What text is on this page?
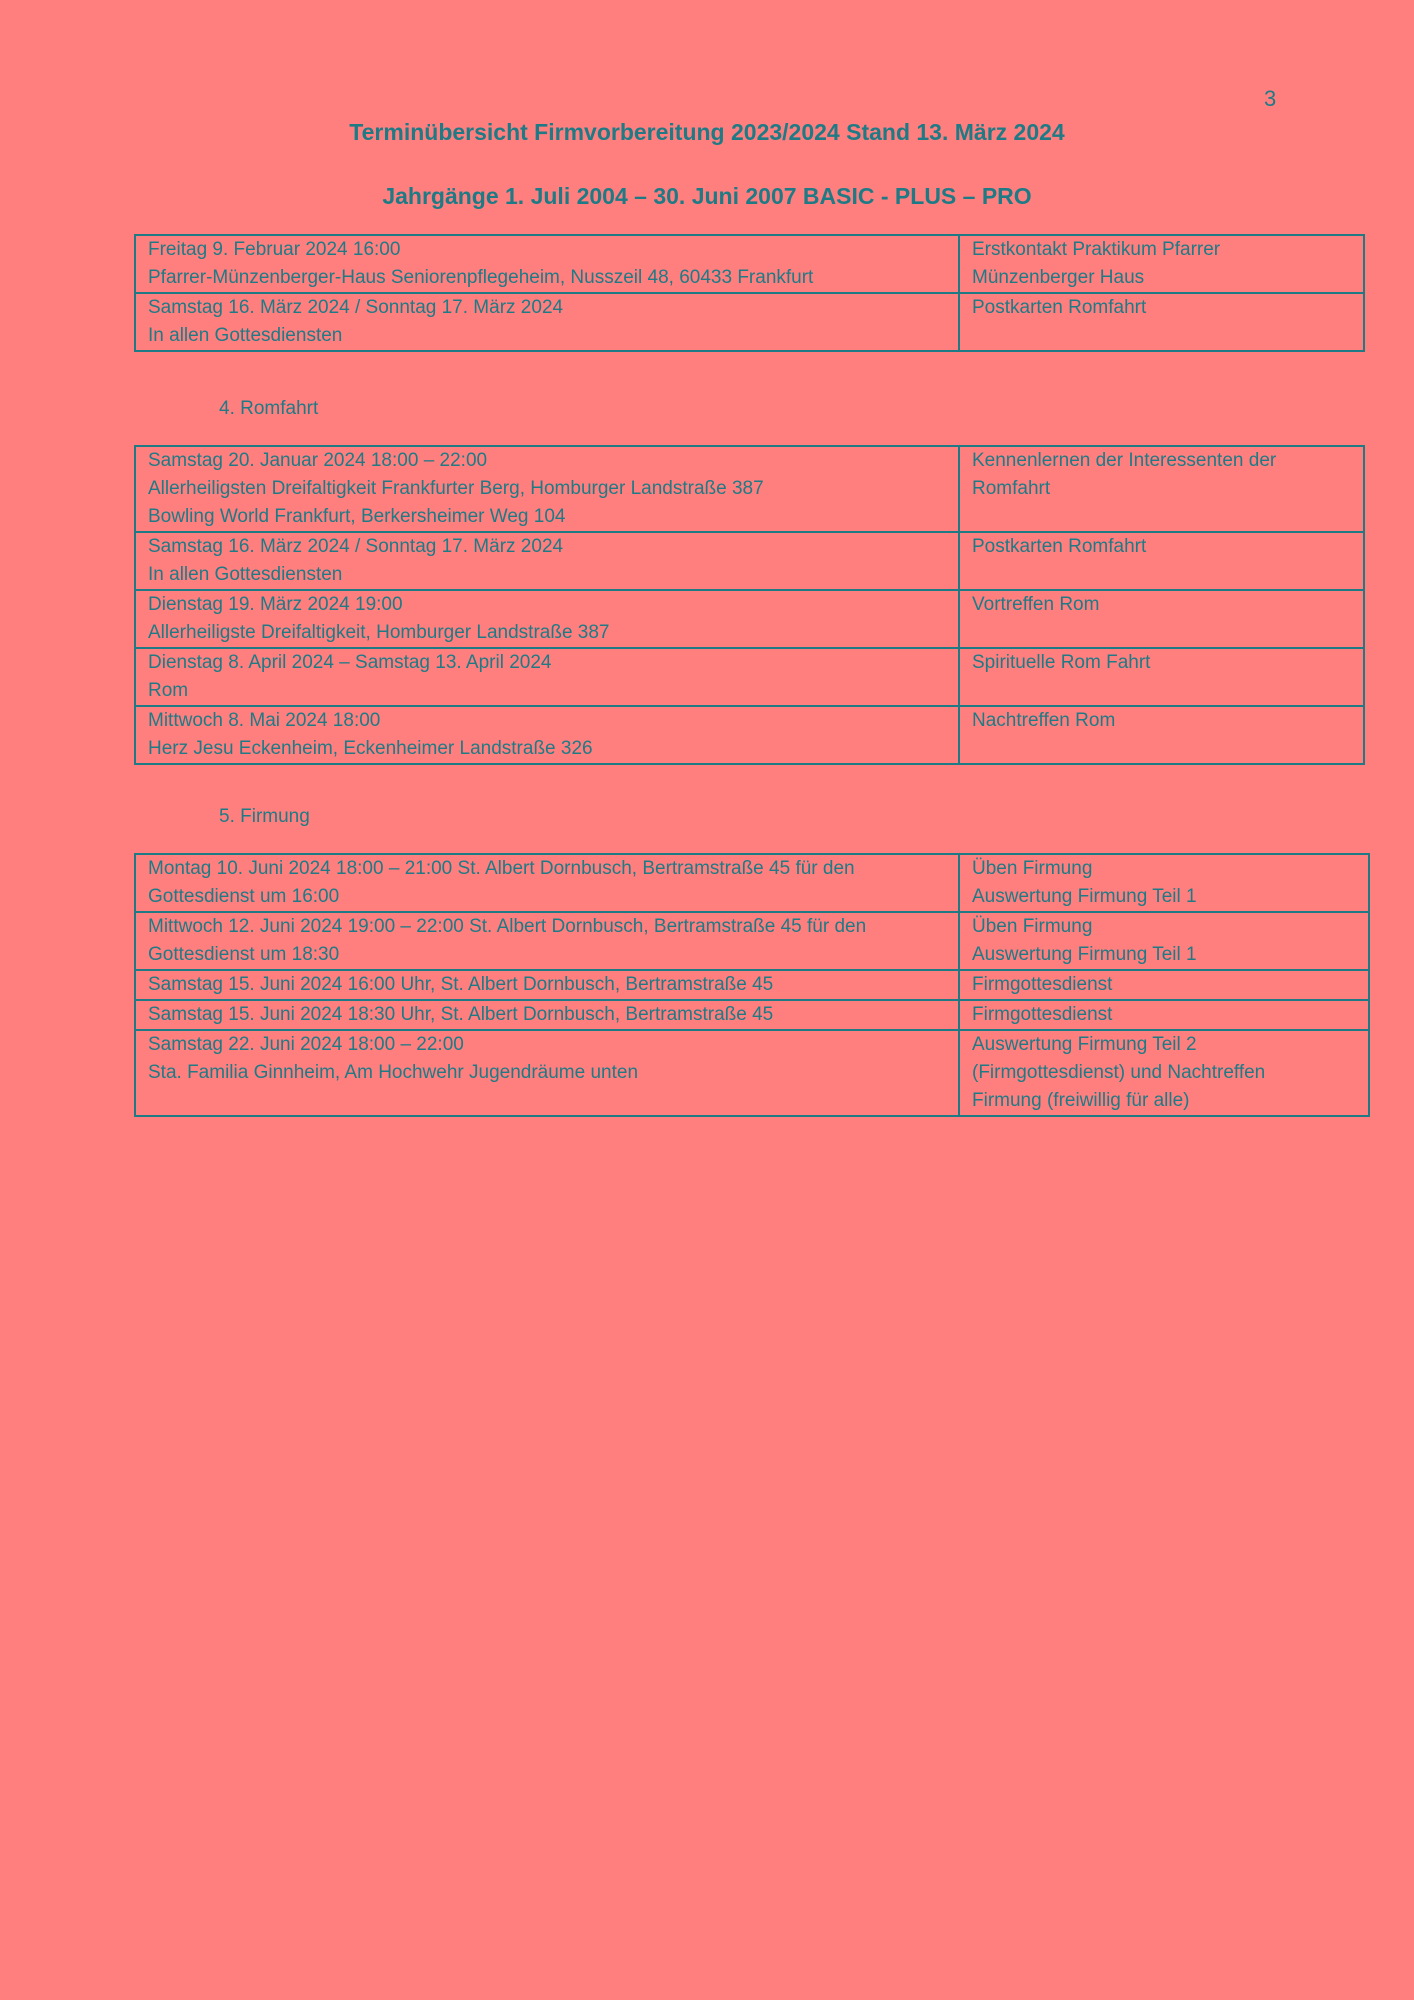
3
Terminübersicht Firmvorbereitung 2023/2024 Stand 13. März 2024
Jahrgänge 1. Juli 2004 – 30. Juni 2007 BASIC - PLUS – PRO
Freitag 9. Februar 2024 16:00
Pfarrer-Münzenberger-Haus Seniorenpflegeheim, Nusszeil 48, 60433 Frankfurt	Erstkontakt Praktikum Pfarrer
Münzenberger Haus

Samstag 16. März 2024 / Sonntag 17. März 2024
In allen Gottesdiensten	Postkarten Romfahrt
4. Romfahrt
Samstag 20. Januar 2024 18:00 – 22:00
Allerheiligsten Dreifaltigkeit Frankfurter Berg, Homburger Landstraße 387
Bowling World Frankfurt, Berkersheimer Weg 104	Kennenlernen der Interessenten der
Romfahrt

Samstag 16. März 2024 / Sonntag 17. März 2024
In allen Gottesdiensten	Postkarten Romfahrt

Dienstag 19. März 2024 19:00
Allerheiligste Dreifaltigkeit, Homburger Landstraße 387	Vortreffen Rom

Dienstag 8. April 2024 – Samstag 13. April 2024
Rom	Spirituelle Rom Fahrt

Mittwoch 8. Mai 2024 18:00
Herz Jesu Eckenheim, Eckenheimer Landstraße 326	Nachtreffen Rom
5. Firmung
Montag 10. Juni 2024 18:00 – 21:00 St. Albert Dornbusch, Bertramstraße 45 für den
Gottesdienst um 16:00	Üben Firmung
Auswertung Firmung Teil 1

Mittwoch 12. Juni 2024 19:00 – 22:00 St. Albert Dornbusch, Bertramstraße 45 für den
Gottesdienst um 18:30	Üben Firmung
Auswertung Firmung Teil 1

Samstag 15. Juni 2024 16:00 Uhr, St. Albert Dornbusch, Bertramstraße 45	Firmgottesdienst

Samstag 15. Juni 2024 18:30 Uhr, St. Albert Dornbusch, Bertramstraße 45	Firmgottesdienst

Samstag 22. Juni 2024 18:00 – 22:00
Sta. Familia Ginnheim, Am Hochwehr Jugendräume unten	Auswertung Firmung Teil 2
(Firmgottesdienst) und Nachtreffen
Firmung (freiwillig für alle)
